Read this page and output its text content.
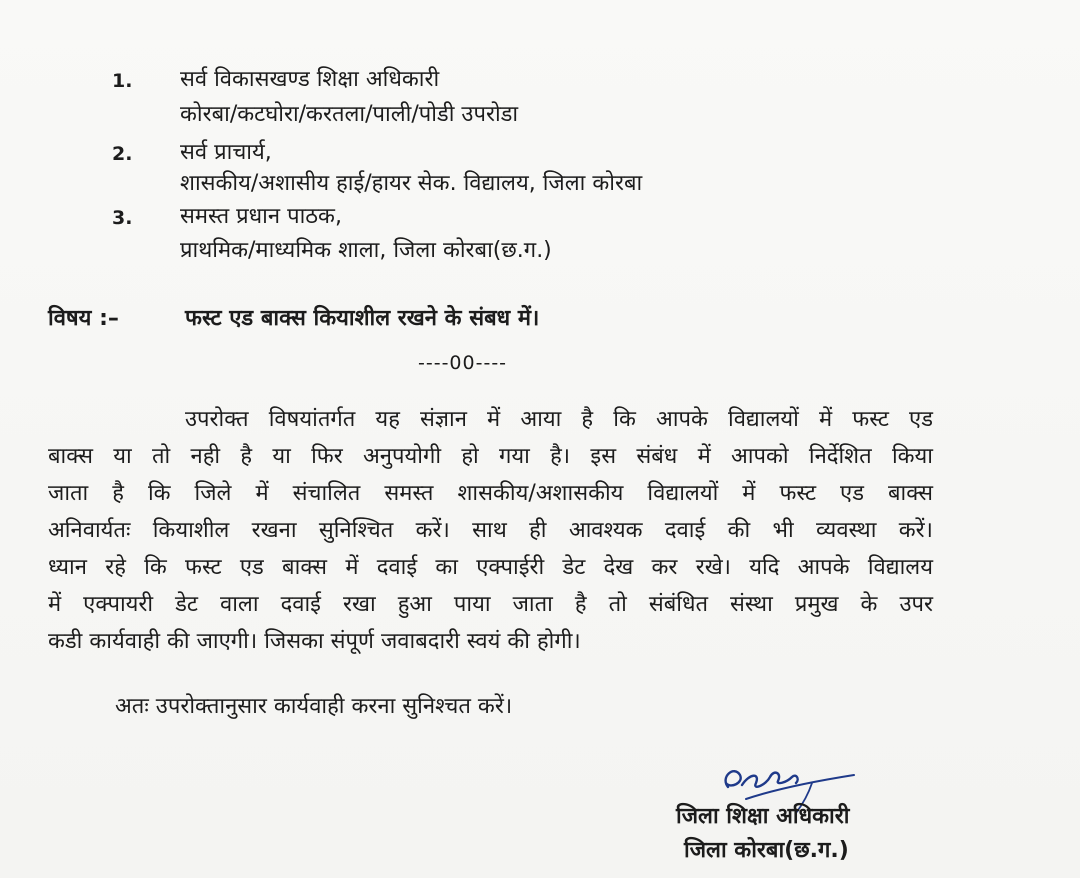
1. सर्व विकासखण्ड शिक्षा अधिकारी
कोरबा/कटघोरा/करतला/पाली/पोडी उपरोडा
2. सर्व प्राचार्य,
शासकीय/अशासीय हाई/हायर सेक. विद्यालय, जिला कोरबा
3. समस्त प्रधान पाठक,
प्राथमिक/माध्यमिक शाला, जिला कोरबा(छ.ग.)
विषय :–	फस्ट एड बाक्स कियाशील रखने के संबध में।
----00----
उपरोक्त विषयांतर्गत यह संज्ञान में आया है कि आपके विद्यालयों में फस्ट एड
बाक्स या तो नही है या फिर अनुपयोगी हो गया है। इस संबंध में आपको निर्देशित किया
जाता है कि जिले में संचालित समस्त शासकीय/अशासकीय विद्यालयों में फस्ट एड बाक्स
अनिवार्यतः कियाशील रखना सुनिश्चित करें। साथ ही आवश्यक दवाई की भी व्यवस्था करें।
ध्यान रहे कि फस्ट एड बाक्स में दवाई का एक्पाईरी डेट देख कर रखे। यदि आपके विद्यालय
में एक्पायरी डेट वाला दवाई रखा हुआ पाया जाता है तो संबंधित संस्था प्रमुख के उपर
कडी कार्यवाही की जाएगी। जिसका संपूर्ण जवाबदारी स्वयं की होगी।
अतः उपरोक्तानुसार कार्यवाही करना सुनिश्चत करें।
जिला शिक्षा अधिकारी
जिला कोरबा(छ.ग.)
